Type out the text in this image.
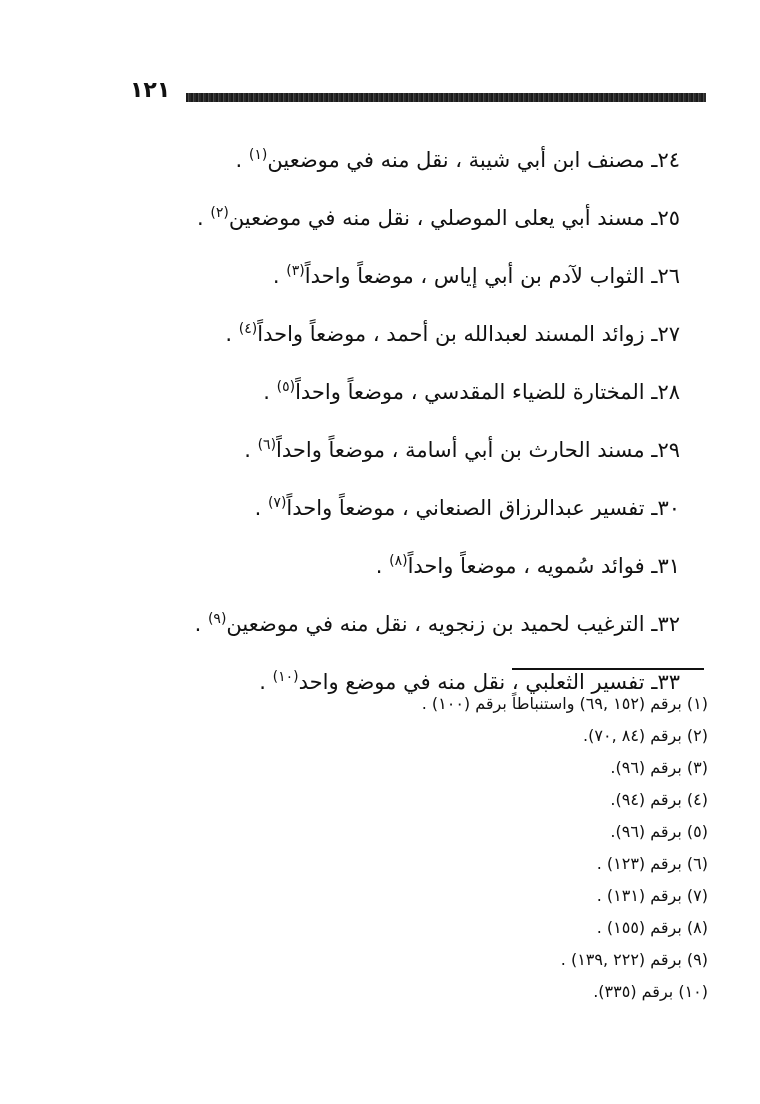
١٢١
٢٤ـ مصنف ابن أبي شيبة ، نقل منه في موضعين$^{(١)}$ .
٢٥ـ مسند أبي يعلى الموصلي ، نقل منه في موضعين$^{(٢)}$ .
٢٦ـ الثواب لآدم بن أبي إياس ، موضعاً واحداً$^{(٣)}$ .
٢٧ـ زوائد المسند لعبدالله بن أحمد ، موضعاً واحداً$^{(٤)}$ .
٢٨ـ المختارة للضياء المقدسي ، موضعاً واحداً$^{(٥)}$ .
٢٩ـ مسند الحارث بن أبي أسامة ، موضعاً واحداً$^{(٦)}$ .
٣٠ـ تفسير عبدالرزاق الصنعاني ، موضعاً واحداً$^{(٧)}$ .
٣١ـ فوائد سُمويه ، موضعاً واحداً$^{(٨)}$ .
٣٢ـ الترغيب لحميد بن زنجويه ، نقل منه في موضعين$^{(٩)}$ .
٣٣ـ تفسير الثعلبي ، نقل منه في موضع واحد$^{(١٠)}$ .
(١) برقم (١٥٢ ,٦٩) واستنباطاً برقم (١٠٠) .
(٢) برقم (٨٤ ,٧٠).
(٣) برقم (٩٦).
(٤) برقم (٩٤).
(٥) برقم (٩٦).
(٦) برقم (١٢٣) .
(٧) برقم (١٣١) .
(٨) برقم (١٥٥) .
(٩) برقم (٢٢٢ ,١٣٩) .
(١٠) برقم (٣٣٥).
